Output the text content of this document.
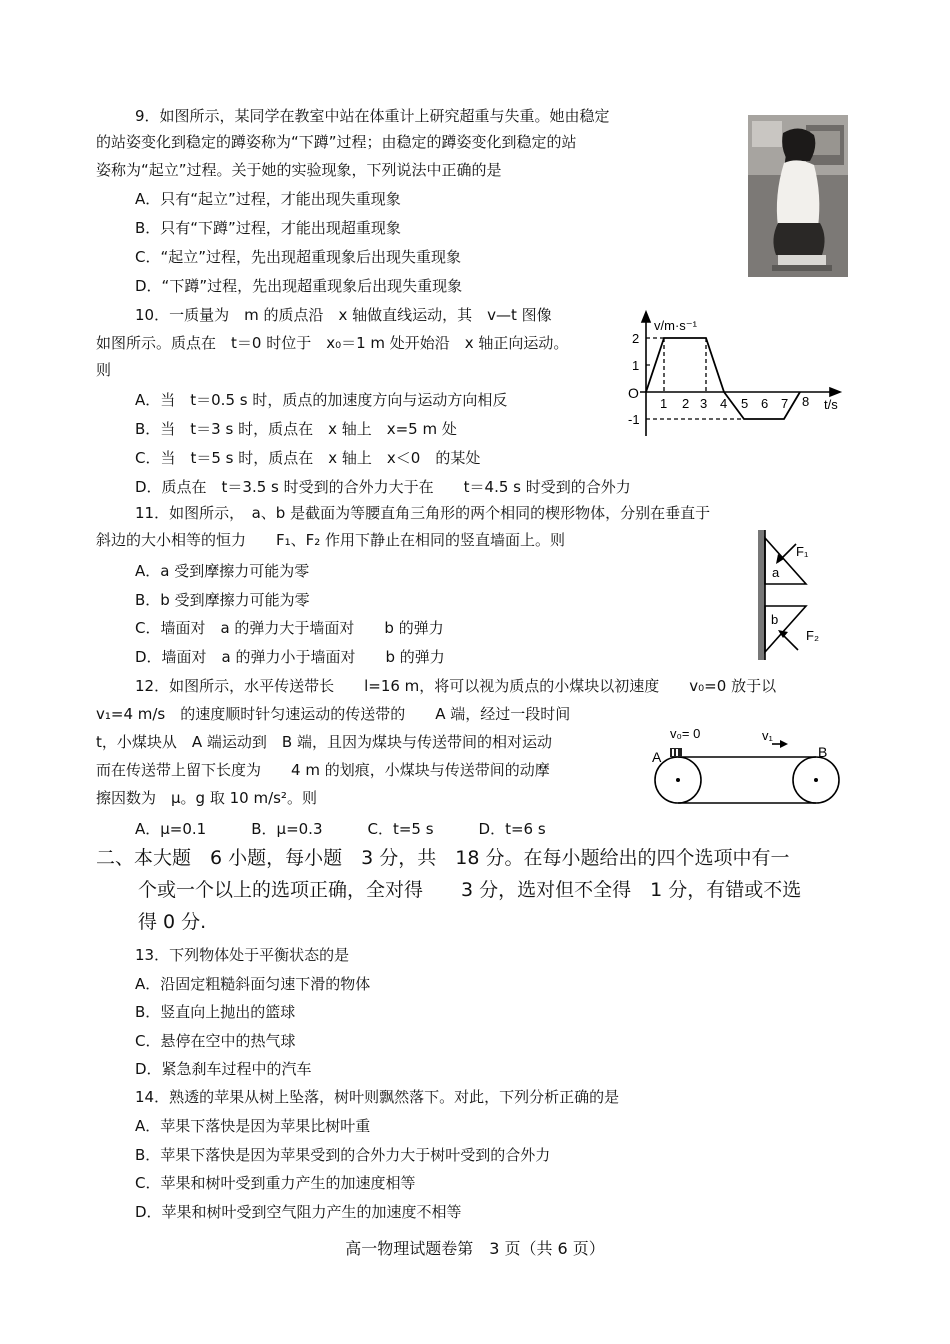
9．如图所示，某同学在教室中站在体重计上研究超重与失重。她由稳定
的站姿变化到稳定的蹲姿称为“下蹲”过程；由稳定的蹲姿变化到稳定的站
姿称为“起立”过程。关于她的实验现象，下列说法中正确的是
A．只有“起立”过程，才能出现失重现象
B．只有“下蹲”过程，才能出现超重现象
C．“起立”过程，先出现超重现象后出现失重现象
D．“下蹲”过程，先出现超重现象后出现失重现象
10．一质量为　m 的质点沿　x 轴做直线运动，其　v—t 图像
如图所示。质点在　t＝0 时位于　x₀＝1 m 处开始沿　x 轴正向运动。
则
A．当　t＝0.5 s 时，质点的加速度方向与运动方向相反
B．当　t＝3 s 时，质点在　x 轴上　x=5 m 处
C．当　t＝5 s 时，质点在　x 轴上　x＜0　的某处
D．质点在　t＝3.5 s 时受到的合外力大于在　　t＝4.5 s 时受到的合外力
v/m·s⁻¹
2
1
-1
O
1 2 3 4 5 6 7 8 t/s
11．如图所示，　a、b 是截面为等腰直角三角形的两个相同的楔形物体，分别在垂直于
斜边的大小相等的恒力　　F₁、F₂ 作用下静止在相同的竖直墙面上。则
A．a 受到摩擦力可能为零
B．b 受到摩擦力可能为零
C．墙面对　a 的弹力大于墙面对　　b 的弹力
D．墙面对　a 的弹力小于墙面对　　b 的弹力
a
b
F₁
F₂
12．如图所示，水平传送带长　　l=16 m，将可以视为质点的小煤块以初速度　　v₀=0 放于以
v₁=4 m/s　的速度顺时针匀速运动的传送带的　　A 端，经过一段时间
t，小煤块从　A 端运动到　B 端，且因为煤块与传送带间的相对运动
而在传送带上留下长度为　　4 m 的划痕，小煤块与传送带间的动摩
擦因数为　μ。g 取 10 m/s²。则
A．μ=0.1　　　B．μ=0.3　　　C．t=5 s　　　D．t=6 s
v₀= 0	v₁
A	B
二、本大题　6 小题，每小题　3 分，共　18 分。在每小题给出的四个选项中有一
个或一个以上的选项正确，全对得　　3 分，选对但不全得　1 分，有错或不选
得 0 分.
13．下列物体处于平衡状态的是
A．沿固定粗糙斜面匀速下滑的物体
B．竖直向上抛出的篮球
C．悬停在空中的热气球
D．紧急刹车过程中的汽车
14．熟透的苹果从树上坠落，树叶则飘然落下。对此，下列分析正确的是
A．苹果下落快是因为苹果比树叶重
B．苹果下落快是因为苹果受到的合外力大于树叶受到的合外力
C．苹果和树叶受到重力产生的加速度相等
D．苹果和树叶受到空气阻力产生的加速度不相等
高一物理试题卷第　3 页（共 6 页）
